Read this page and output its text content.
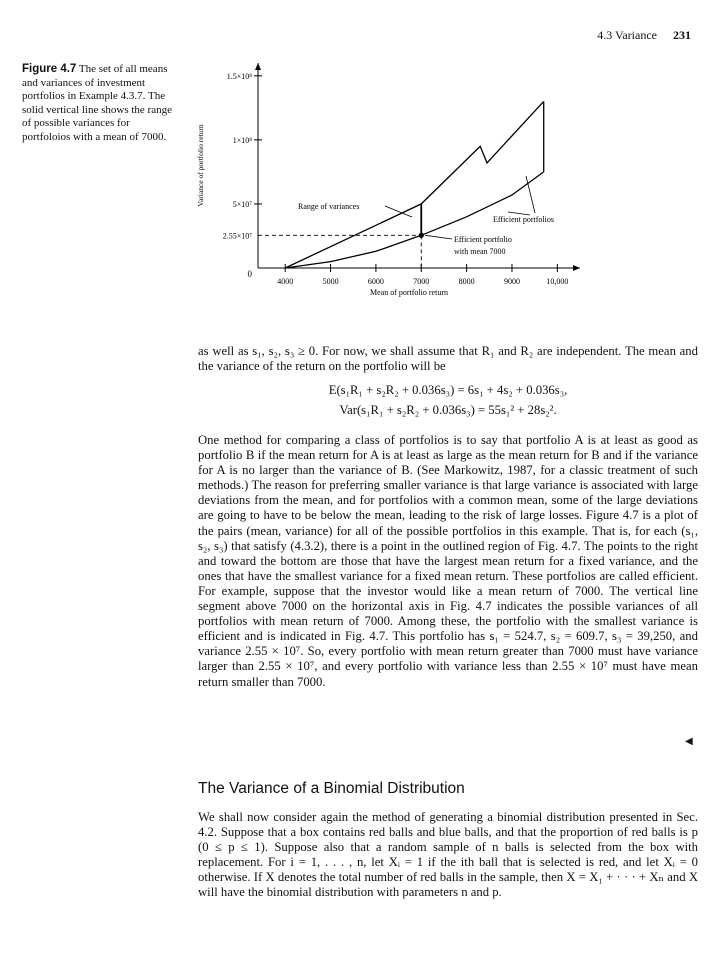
4.3 Variance 231
Figure 4.7 The set of all means and variances of investment portfolios in Example 4.3.7. The solid vertical line shows the range of possible variances for portfoloios with a mean of 7000.
0
4000	5000	6000	7000	8000	9000	10,000
5×10⁷
1×10⁸
1.5×10⁸
Mean of portfolio return
Variance of portfolio return
2.55×10⁷
Range of variances
Efficient portfolios
Efficient portfolio
with mean 7000
as well as s₁, s₂, s₃ ≥ 0. For now, we shall assume that R₁ and R₂ are independent. The mean and the variance of the return on the portfolio will be
E(s₁R₁ + s₂R₂ + 0.036s₃) = 6s₁ + 4s₂ + 0.036s₃,
Var(s₁R₁ + s₂R₂ + 0.036s₃) = 55s₁² + 28s₂².
One method for comparing a class of portfolios is to say that portfolio A is at least as good as portfolio B if the mean return for A is at least as large as the mean return for B and if the variance for A is no larger than the variance of B. (See Markowitz, 1987, for a classic treatment of such methods.) The reason for preferring smaller variance is that large variance is associated with large deviations from the mean, and for portfolios with a common mean, some of the large deviations are going to have to be below the mean, leading to the risk of large losses. Figure 4.7 is a plot of the pairs (mean, variance) for all of the possible portfolios in this example. That is, for each (s₁, s₂, s₃) that satisfy (4.3.2), there is a point in the outlined region of Fig. 4.7. The points to the right and toward the bottom are those that have the largest mean return for a fixed variance, and the ones that have the smallest variance for a fixed mean return. These portfolios are called efficient. For example, suppose that the investor would like a mean return of 7000. The vertical line segment above 7000 on the horizontal axis in Fig. 4.7 indicates the possible variances of all portfolios with mean return of 7000. Among these, the portfolio with the smallest variance is efficient and is indicated in Fig. 4.7. This portfolio has s₁ = 524.7, s₂ = 609.7, s₃ = 39,250, and variance 2.55 × 10⁷. So, every portfolio with mean return greater than 7000 must have variance larger than 2.55 × 10⁷, and every portfolio with variance less than 2.55 × 10⁷ must have mean return smaller than 7000.
◀
The Variance of a Binomial Distribution
We shall now consider again the method of generating a binomial distribution presented in Sec. 4.2. Suppose that a box contains red balls and blue balls, and that the proportion of red balls is p (0 ≤ p ≤ 1). Suppose also that a random sample of n balls is selected from the box with replacement. For i = 1, . . . , n, let Xᵢ = 1 if the ith ball that is selected is red, and let Xᵢ = 0 otherwise. If X denotes the total number of red balls in the sample, then X = X₁ + · · · + Xₙ and X will have the binomial distribution with parameters n and p.
